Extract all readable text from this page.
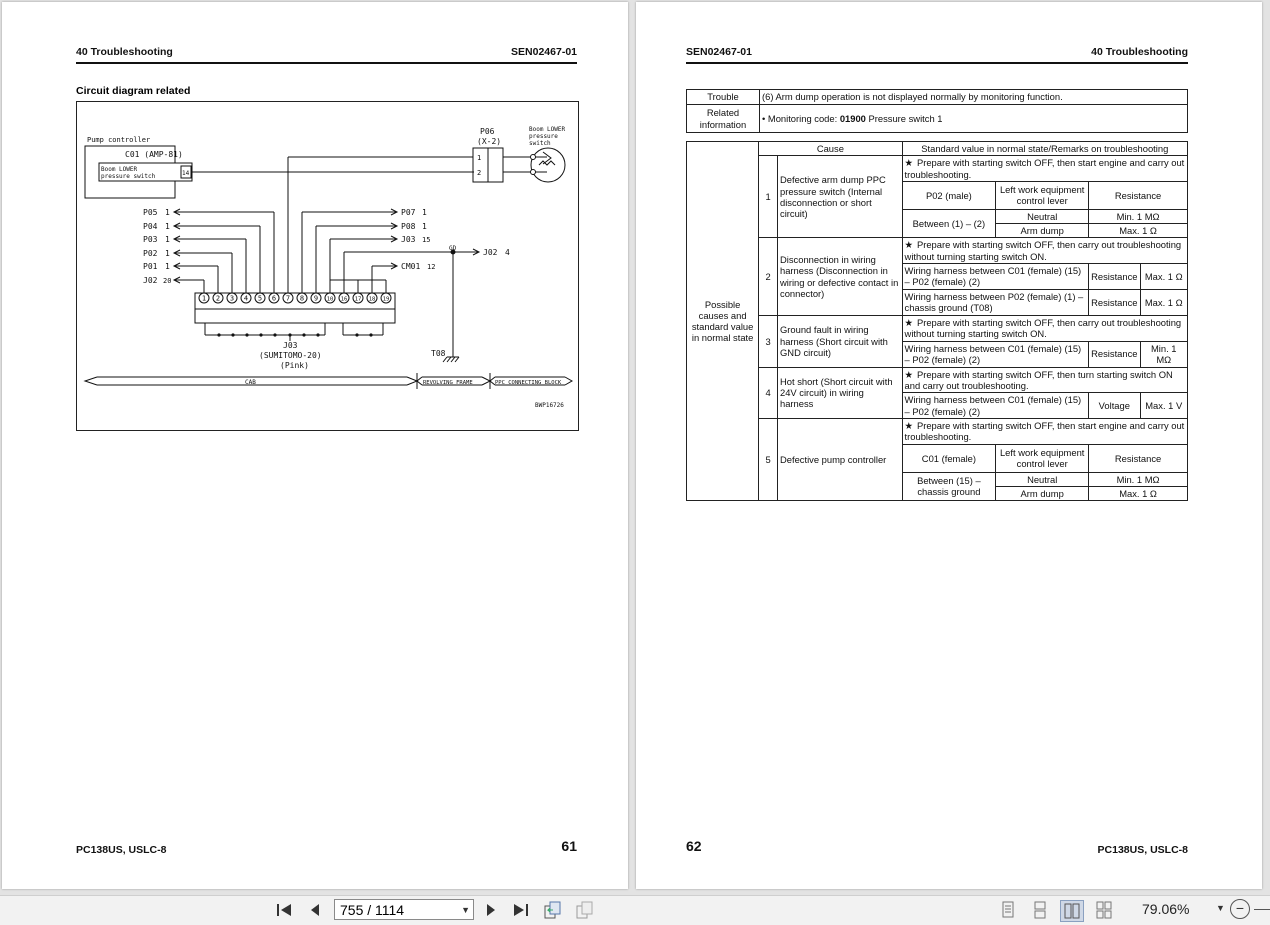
40 Troubleshooting	SEN02467-01
Circuit diagram related
Pump controller
C01 (AMP-81)
Boom LOWER
pressure switch	14
P06
(X-2)
1
2
Boom LOWER
pressure
switch
P05 1
P04 1
P03 1
P02 1
P01 1
J02 20
P07 1
P08 1
J03 15
GD	J02 4
CM01 12
1 2 3 4 5 6 7 8 9 10 16 17 18 19
J03
(SUMITOMO-20)
(Pink)
T08
CAB	REVOLVING FRAME	PPC CONNECTING BLOCK
BWP16726
PC138US, USLC-8	61
SEN02467-01	40 Troubleshooting
Trouble	(6) Arm dump operation is not displayed normally by monitoring function.
Related information	• Monitoring code: 01900 Pressure switch 1
Possible causes and standard value in normal state	Cause		Standard value in normal state/Remarks on troubleshooting			
	1	Defective arm dump PPC pressure switch (Internal disconnection or short circuit)	★ Prepare with starting switch OFF, then start engine and carry out troubleshooting.			
			P02 (male)	Left work equipment control lever	Resistance	
			Between (1) – (2)	Neutral	Min. 1 MΩ	
				Arm dump	Max. 1 Ω	
	2	Disconnection in wiring harness (Disconnection in wiring or defective contact in connector)	★ Prepare with starting switch OFF, then carry out troubleshooting without turning starting switch ON.			
			Wiring harness between C01 (female) (15) – P02 (female) (2)		Resistance	Max. 1 Ω
			Wiring harness between P02 (female) (1) – chassis ground (T08)		Resistance	Max. 1 Ω
	3	Ground fault in wiring harness (Short circuit with GND circuit)	★ Prepare with starting switch OFF, then carry out troubleshooting without turning starting switch ON.			
			Wiring harness between C01 (female) (15) – P02 (female) (2)		Resistance	Min. 1 MΩ
	4	Hot short (Short circuit with 24V circuit) in wiring harness	★ Prepare with starting switch OFF, then turn starting switch ON and carry out troubleshooting.			
			Wiring harness between C01 (female) (15) – P02 (female) (2)		Voltage	Max. 1 V
	5	Defective pump controller	★ Prepare with starting switch OFF, then start engine and carry out troubleshooting.			
			C01 (female)	Left work equipment control lever	Resistance	
			Between (15) – chassis ground	Neutral	Min. 1 MΩ	
				Arm dump	Max. 1 Ω	
62	PC138US, USLC-8
755 / 1114	▼	79.06%	▼ −
